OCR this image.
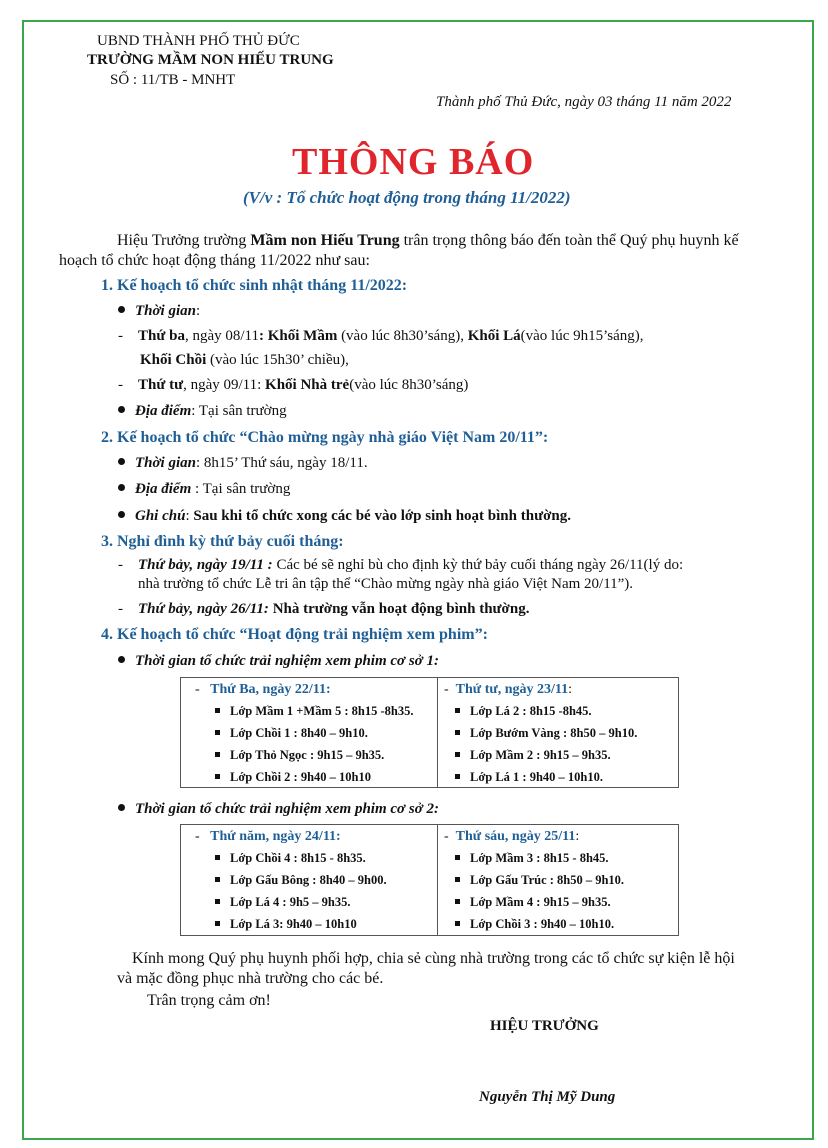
UBND THÀNH PHỐ THỦ ĐỨC
TRƯỜNG MẦM NON HIẾU TRUNG
SỐ : 11/TB - MNHT
Thành phố Thủ Đức, ngày 03 tháng 11 năm 2022
THÔNG BÁO
(V/v : Tổ chức hoạt động trong tháng 11/2022)
Hiệu Trưởng trường Mầm non Hiếu Trung trân trọng thông báo đến toàn thể Quý phụ huynh kế
hoạch tổ chức hoạt động tháng 11/2022 như sau:
1. Kế hoạch tổ chức sinh nhật tháng 11/2022:
Thời gian:
- Thứ ba, ngày 08/11: Khối Mầm (vào lúc 8h30’sáng), Khối Lá(vào lúc 9h15’sáng),
Khối Chồi (vào lúc 15h30’ chiều),
- Thứ tư, ngày 09/11: Khối Nhà trẻ(vào lúc 8h30’sáng)
Địa điểm: Tại sân trường
2. Kế hoạch tổ chức “Chào mừng ngày nhà giáo Việt Nam 20/11”:
Thời gian: 8h15’ Thứ sáu, ngày 18/11.
Địa điểm : Tại sân trường
Ghi chú: Sau khi tổ chức xong các bé vào lớp sinh hoạt bình thường.
3. Nghỉ đình kỳ thứ bảy cuối tháng:
- Thứ bảy, ngày 19/11 : Các bé sẽ nghỉ bù cho định kỳ thứ bảy cuối tháng ngày 26/11(lý do:
nhà trường tổ chức Lễ tri ân tập thể “Chào mừng ngày nhà giáo Việt Nam 20/11”).
- Thứ bảy, ngày 26/11: Nhà trường vẫn hoạt động bình thường.
4. Kế hoạch tổ chức “Hoạt động trải nghiệm xem phim”:
Thời gian tổ chức trải nghiệm xem phim cơ sở 1:
- Thứ Ba, ngày 22/11:
Lớp Mầm 1 +Mầm 5 : 8h15 -8h35.
Lớp Chồi 1 : 8h40 – 9h10.
Lớp Thỏ Ngọc : 9h15 – 9h35.
Lớp Chồi 2 : 9h40 – 10h10
- Thứ tư, ngày 23/11:
Lớp Lá 2 : 8h15 -8h45.
Lớp Bướm Vàng : 8h50 – 9h10.
Lớp Mầm 2 : 9h15 – 9h35.
Lớp Lá 1 : 9h40 – 10h10.
Thời gian tổ chức trải nghiệm xem phim cơ sở 2:
- Thứ năm, ngày 24/11:
Lớp Chồi 4 : 8h15 - 8h35.
Lớp Gấu Bông : 8h40 – 9h00.
Lớp Lá 4 : 9h5 – 9h35.
Lớp Lá 3: 9h40 – 10h10
- Thứ sáu, ngày 25/11:
Lớp Mầm 3 : 8h15 - 8h45.
Lớp Gấu Trúc : 8h50 – 9h10.
Lớp Mầm 4 : 9h15 – 9h35.
Lớp Chồi 3 : 9h40 – 10h10.
Kính mong Quý phụ huynh phối hợp, chia sẻ cùng nhà trường trong các tổ chức sự kiện lễ hội
và mặc đồng phục nhà trường cho các bé.
Trân trọng cảm ơn!
HIỆU TRƯỞNG
Nguyễn Thị Mỹ Dung
